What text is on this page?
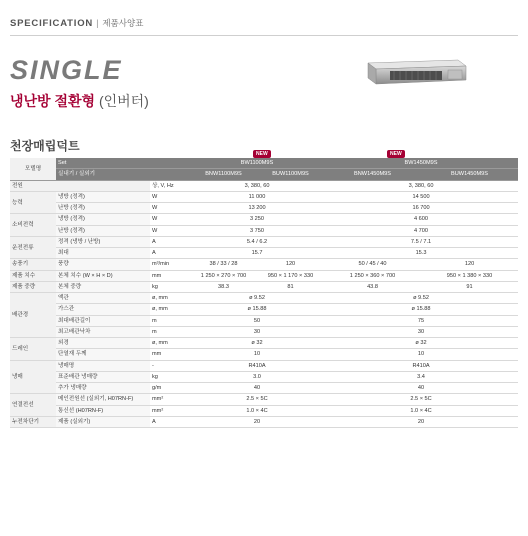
SPECIFICATION | 제품사양표
SINGLE
냉난방 절환형 (인버터)
천장매립덕트
NEW	NEW
모델명	Set		BW1100M9S		BW1450M9S	
	실내기 / 실외기		BNW1100M9S	BUW1100M9S	BNW1450M9S	BUW1450M9S
전원		상, V, Hz	3, 380, 60		3, 380, 60	
능력	냉방 (정격)	W	11 000		14 500	
	난방 (정격)	W	13 200		16 700	
소비전력	냉방 (정격)	W	3 250		4 600	
	난방 (정격)	W	3 750		4 700	
운전전류	정격 (냉방 / 난방)	A	5.4 / 6.2		7.5 / 7.1	
	최대	A	15.7		15.3	
송풍기	풍량	m³/min	38 / 33 / 28	120	50 / 45 / 40	120
제품 치수	본체 치수 (W × H × D)	mm	1 250 × 270 × 700	950 × 1 170 × 330	1 250 × 360 × 700	950 × 1 380 × 330
제품 중량	본체 중량	kg	38.3	81	43.8	91
배관경	액관	ø, mm	ø 9.52		ø 9.52	
	가스관	ø, mm	ø 15.88		ø 15.88	
	최대배관길이	m	50		75	
	최고배관낙차	m	30		30	
드레인	외경	ø, mm	ø 32		ø 32	
	단열재 두께	mm	10		10	
냉매	냉매명	-	R410A		R410A	
	표준배관 냉매량	kg	3.0		3.4	
	추가 냉매량	g/m	40		40	
연결전선	메인전원선 (실외기, H07RN-F)	mm²	2.5 × 5C		2.5 × 5C	
	통신선 (H07RN-F)	mm²	1.0 × 4C		1.0 × 4C	
누전차단기	제품 (실외기)	A	20		20	
